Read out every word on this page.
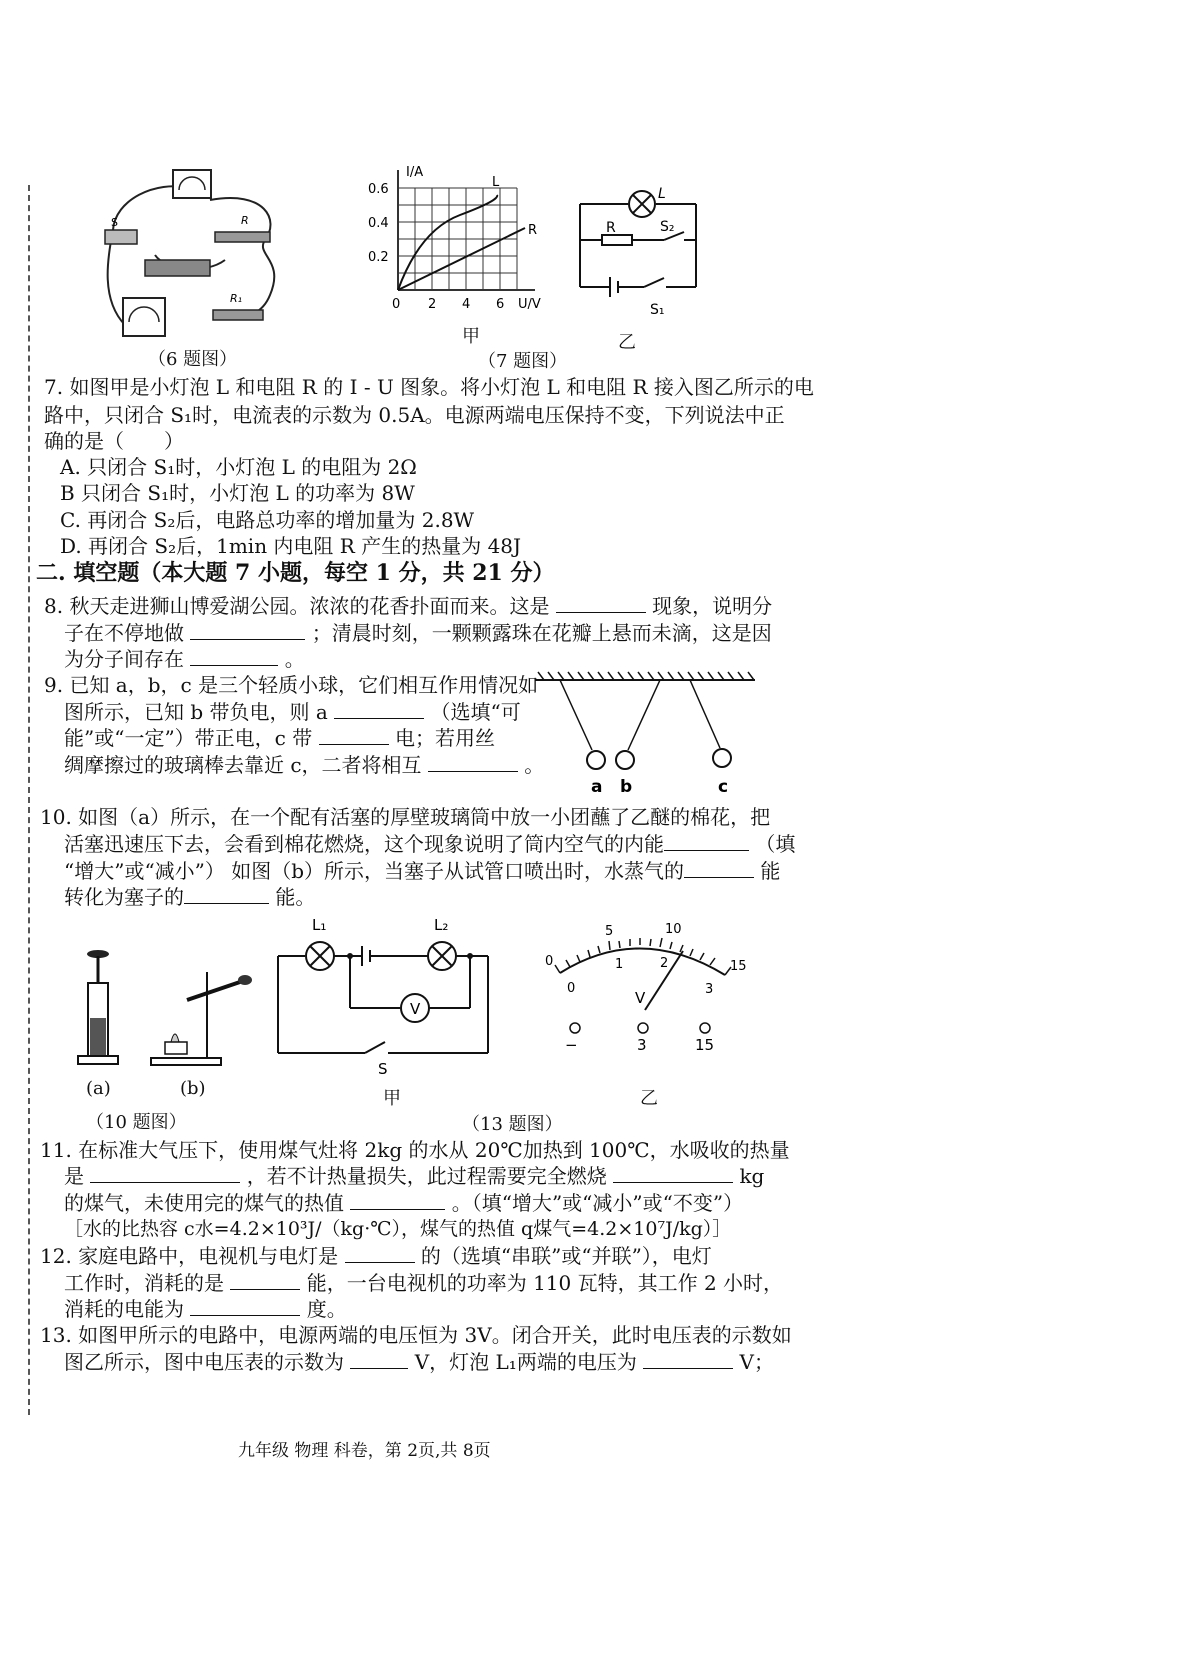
S	R
R₁
（6 题图）
I/A
0.6
0.4
0.2
0 2 4 6 U/V
L
R
甲
L
R	S₂
S₁
乙
（7 题图）
7. 如图甲是小灯泡 L 和电阻 R 的 I - U 图象。将小灯泡 L 和电阻 R 接入图乙所示的电
路中，只闭合 S₁时，电流表的示数为 0.5A。电源两端电压保持不变，下列说法中正
确的是（　　）
A. 只闭合 S₁时，小灯泡 L 的电阻为 2Ω
B 只闭合 S₁时，小灯泡 L 的功率为 8W
C. 再闭合 S₂后，电路总功率的增加量为 2.8W
D. 再闭合 S₂后，1min 内电阻 R 产生的热量为 48J
二. 填空题（本大题 7 小题，每空 1 分，共 21 分）
8. 秋天走进狮山博爱湖公园。浓浓的花香扑面而来。这是	现象，说明分
子在不停地做	；清晨时刻，一颗颗露珠在花瓣上悬而未滴，这是因
为分子间存在	。
9. 已知 a，b，c 是三个轻质小球，它们相互作用情况如
图所示，已知 b 带负电，则 a	（选填“可
能”或“一定”）带正电，c 带	电；若用丝
绸摩擦过的玻璃棒去靠近 c，二者将相互	。
a b	c
10. 如图（a）所示，在一个配有活塞的厚壁玻璃筒中放一小团蘸了乙醚的棉花，把
活塞迅速压下去，会看到棉花燃烧，这个现象说明了筒内空气的内能	（填
“增大”或“减小”） 如图（b）所示，当塞子从试管口喷出时，水蒸气的	能
转化为塞子的	能。
(a)	(b)
（10 题图）
L₁	L₂
V
S
甲
0
5	10
15
0
1	2
3
V
−	3	15
乙
（13 题图）
11. 在标准大气压下，使用煤气灶将 2kg 的水从 20℃加热到 100℃，水吸收的热量
是	，若不计热量损失，此过程需要完全燃烧	kg
的煤气，未使用完的煤气的热值	。（填“增大”或“减小”或“不变”）
［水的比热容 c水=4.2×10³J/（kg·℃），煤气的热值 q煤气=4.2×10⁷J/kg）］
12. 家庭电路中，电视机与电灯是	的（选填“串联”或“并联”），电灯
工作时，消耗的是	能，一台电视机的功率为 110 瓦特，其工作 2 小时，
消耗的电能为	度。
13. 如图甲所示的电路中，电源两端的电压恒为 3V。闭合开关，此时电压表的示数如
图乙所示，图中电压表的示数为	V，灯泡 L₁两端的电压为	V；
九年级 物理 科卷，第 2页,共 8页
